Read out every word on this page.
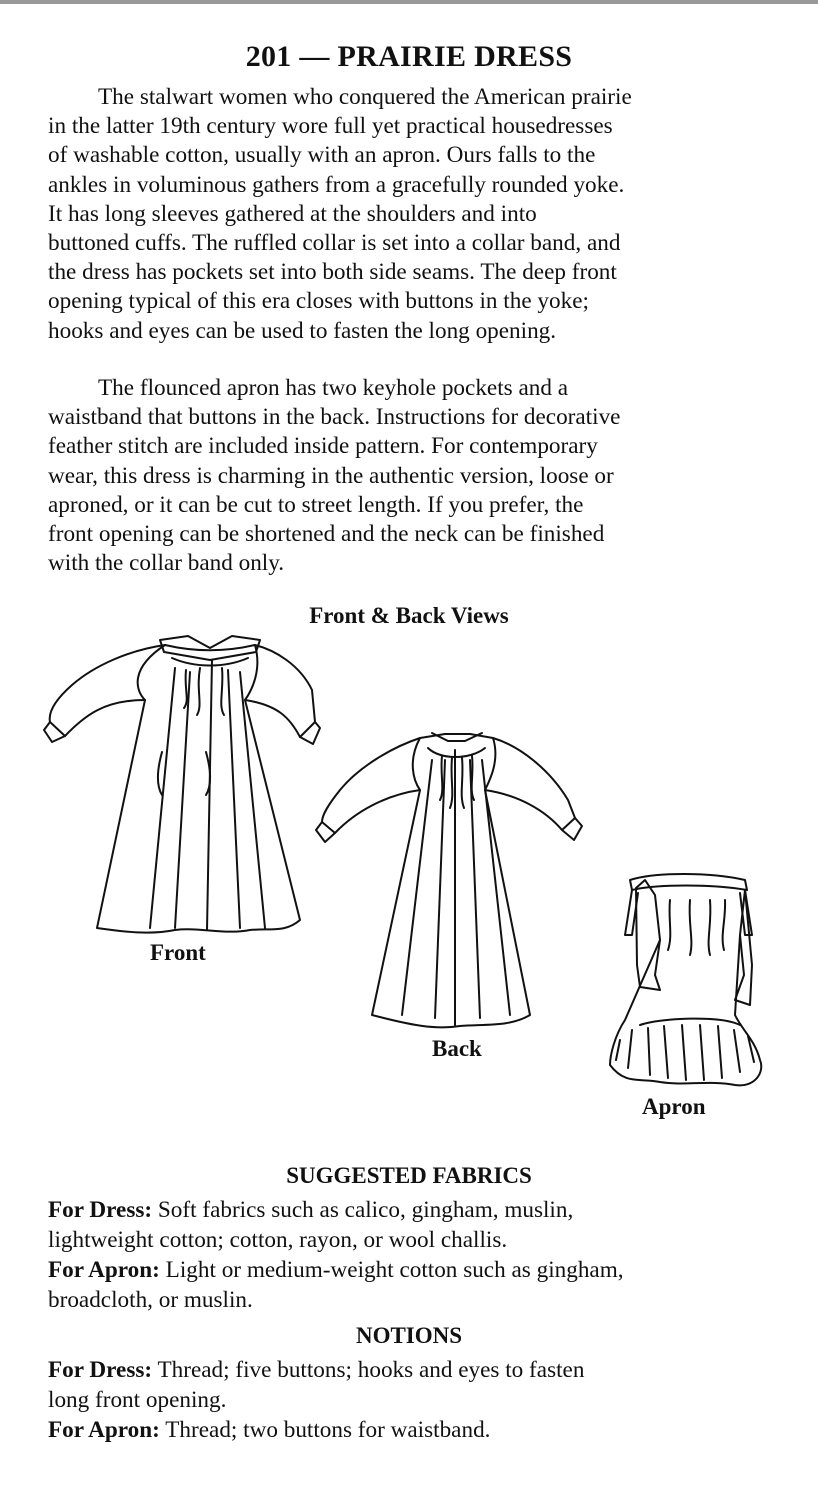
201 — PRAIRIE DRESS

The stalwart women who conquered the American prairie
in the latter 19th century wore full yet practical housedresses
of washable cotton, usually with an apron. Ours falls to the
ankles in voluminous gathers from a gracefully rounded yoke.
It has long sleeves gathered at the shoulders and into
buttoned cuffs. The ruffled collar is set into a collar band, and
the dress has pockets set into both side seams. The deep front
opening typical of this era closes with buttons in the yoke;
hooks and eyes can be used to fasten the long opening.

The flounced apron has two keyhole pockets and a
waistband that buttons in the back. Instructions for decorative
feather stitch are included inside pattern. For contemporary
wear, this dress is charming in the authentic version, loose or
aproned, or it can be cut to street length. If you prefer, the
front opening can be shortened and the neck can be finished
with the collar band only.

Front & Back Views
Front
Back
Apron
SUGGESTED FABRICS

For Dress: Soft fabrics such as calico, gingham, muslin,
lightweight cotton; cotton, rayon, or wool challis.

For Apron: Light or medium-weight cotton such as gingham,
broadcloth, or muslin.

NOTIONS

For Dress: Thread; five buttons; hooks and eyes to fasten
long front opening.

For Apron: Thread; two buttons for waistband.
